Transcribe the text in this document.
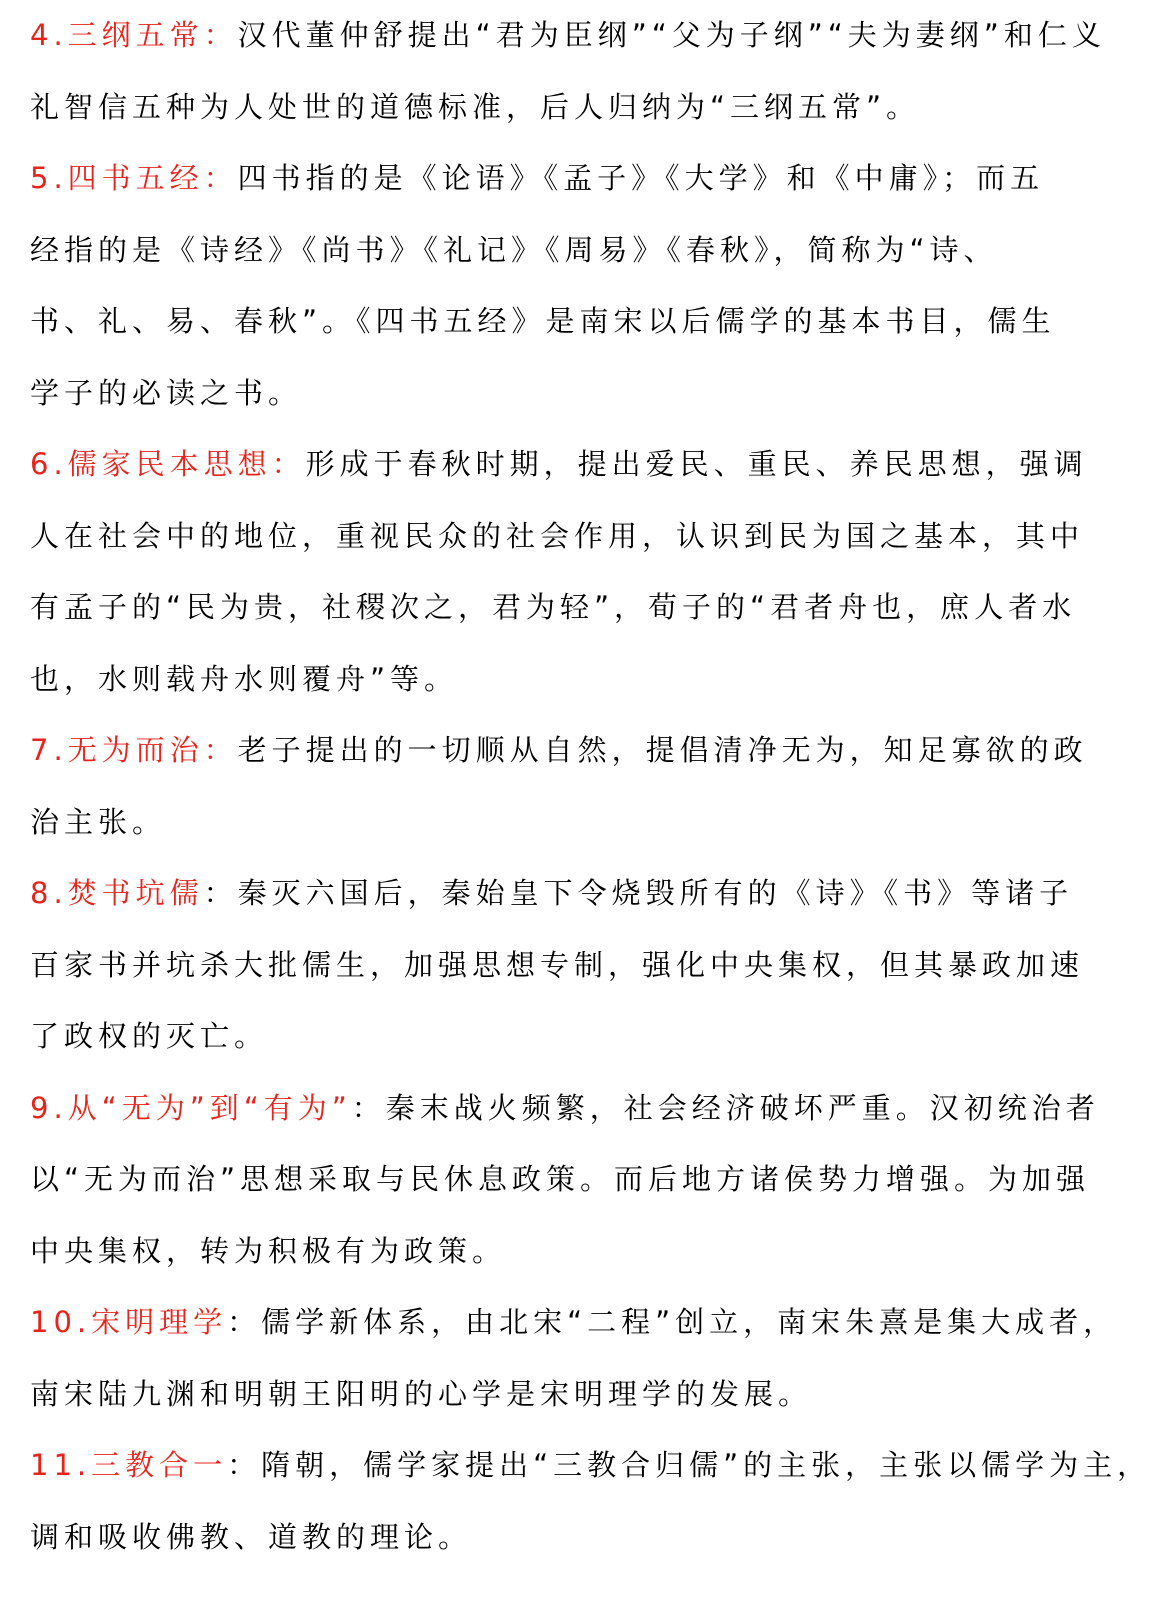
4.三纲五常：汉代董仲舒提出“君为臣纲”“父为子纲”“夫为妻纲”和仁义
礼智信五种为人处世的道德标准，后人归纳为“三纲五常”。
5.四书五经：四书指的是《论语》《孟子》《大学》和《中庸》；而五
经指的是《诗经》《尚书》《礼记》《周易》《春秋》，简称为“诗、
书、礼、易、春秋”。《四书五经》是南宋以后儒学的基本书目，儒生
学子的必读之书。
6.儒家民本思想：形成于春秋时期，提出爱民、重民、养民思想，强调
人在社会中的地位，重视民众的社会作用，认识到民为国之基本，其中
有孟子的“民为贵，社稷次之，君为轻”，荀子的“君者舟也，庶人者水
也，水则载舟水则覆舟”等。
7.无为而治：老子提出的一切顺从自然，提倡清净无为，知足寡欲的政
治主张。
8.焚书坑儒：秦灭六国后，秦始皇下令烧毁所有的《诗》《书》等诸子
百家书并坑杀大批儒生，加强思想专制，强化中央集权，但其暴政加速
了政权的灭亡。
9.从“无为”到“有为”：秦末战火频繁，社会经济破坏严重。汉初统治者
以“无为而治”思想采取与民休息政策。而后地方诸侯势力增强。为加强
中央集权，转为积极有为政策。
10.宋明理学：儒学新体系，由北宋“二程”创立，南宋朱熹是集大成者，
南宋陆九渊和明朝王阳明的心学是宋明理学的发展。
11.三教合一：隋朝，儒学家提出“三教合归儒”的主张，主张以儒学为主，
调和吸收佛教、道教的理论。
